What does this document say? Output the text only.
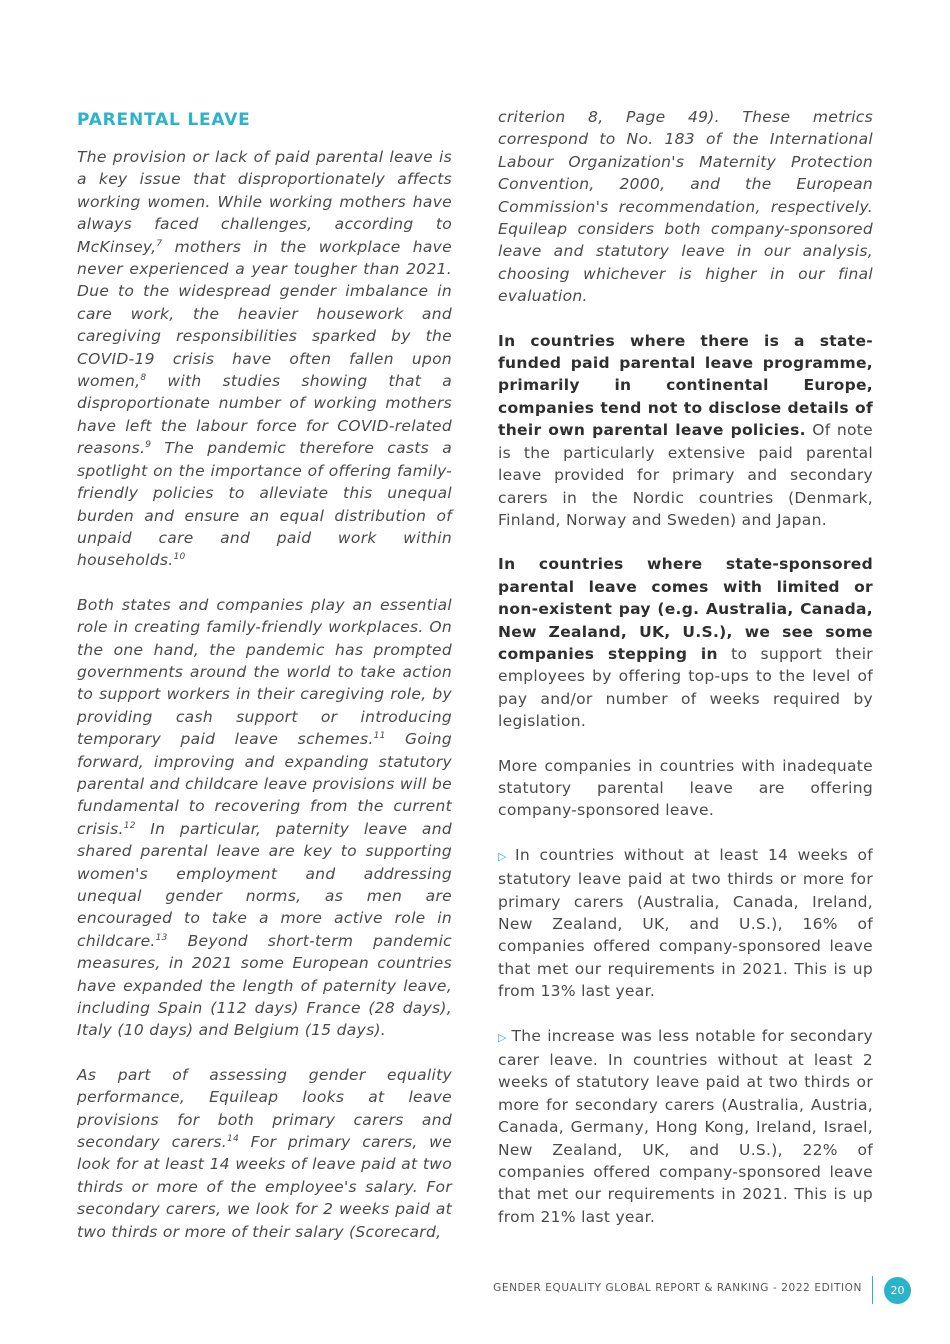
PARENTAL LEAVE

The provision or lack of paid parental leave is a key issue that disproportionately affects working women. While working mothers have always faced challenges, according to McKinsey,$^7$ mothers in the workplace have never experienced a year tougher than 2021. Due to the widespread gender imbalance in care work, the heavier housework and caregiving responsibilities sparked by the COVID-19 crisis have often fallen upon women,$^8$ with studies showing that a disproportionate number of working mothers have left the labour force for COVID-related reasons.$^9$ The pandemic therefore casts a spotlight on the importance of offering family-friendly policies to alleviate this unequal burden and ensure an equal distribution of unpaid care and paid work within households.$^{10}$

Both states and companies play an essential role in creating family-friendly workplaces. On the one hand, the pandemic has prompted governments around the world to take action to support workers in their caregiving role, by providing cash support or introducing temporary paid leave schemes.$^{11}$ Going forward, improving and expanding statutory parental and childcare leave provisions will be fundamental to recovering from the current crisis.$^{12}$ In particular, paternity leave and shared parental leave are key to supporting women's employment and addressing unequal gender norms, as men are encouraged to take a more active role in childcare.$^{13}$ Beyond short-term pandemic measures, in 2021 some European countries have expanded the length of paternity leave, including Spain (112 days) France (28 days), Italy (10 days) and Belgium (15 days).

As part of assessing gender equality performance, Equileap looks at leave provisions for both primary carers and secondary carers.$^{14}$ For primary carers, we look for at least 14 weeks of leave paid at two thirds or more of the employee's salary. For secondary carers, we look for 2 weeks paid at two thirds or more of their salary (Scorecard,

criterion 8, Page 49). These metrics correspond to No. 183 of the International Labour Organization's Maternity Protection Convention, 2000, and the European Commission's recommendation, respectively. Equileap considers both company-sponsored leave and statutory leave in our analysis, choosing whichever is higher in our final evaluation.

In countries where there is a state-funded paid parental leave programme, primarily in continental Europe, companies tend not to disclose details of their own parental leave policies. Of note is the particularly extensive paid parental leave provided for primary and secondary carers in the Nordic countries (Denmark, Finland, Norway and Sweden) and Japan.

In countries where state-sponsored parental leave comes with limited or non-existent pay (e.g. Australia, Canada, New Zealand, UK, U.S.), we see some companies stepping in to support their employees by offering top-ups to the level of pay and/or number of weeks required by legislation.

More companies in countries with inadequate statutory parental leave are offering company-sponsored leave.

▷ In countries without at least 14 weeks of statutory leave paid at two thirds or more for primary carers (Australia, Canada, Ireland, New Zealand, UK, and U.S.), 16% of companies offered company-sponsored leave that met our requirements in 2021. This is up from 13% last year.

▷ The increase was less notable for secondary carer leave. In countries without at least 2 weeks of statutory leave paid at two thirds or more for secondary carers (Australia, Austria, Canada, Germany, Hong Kong, Ireland, Israel, New Zealand, UK, and U.S.), 22% of companies offered company-sponsored leave that met our requirements in 2021. This is up from 21% last year.

GENDER EQUALITY GLOBAL REPORT & RANKING - 2022 EDITION	20
